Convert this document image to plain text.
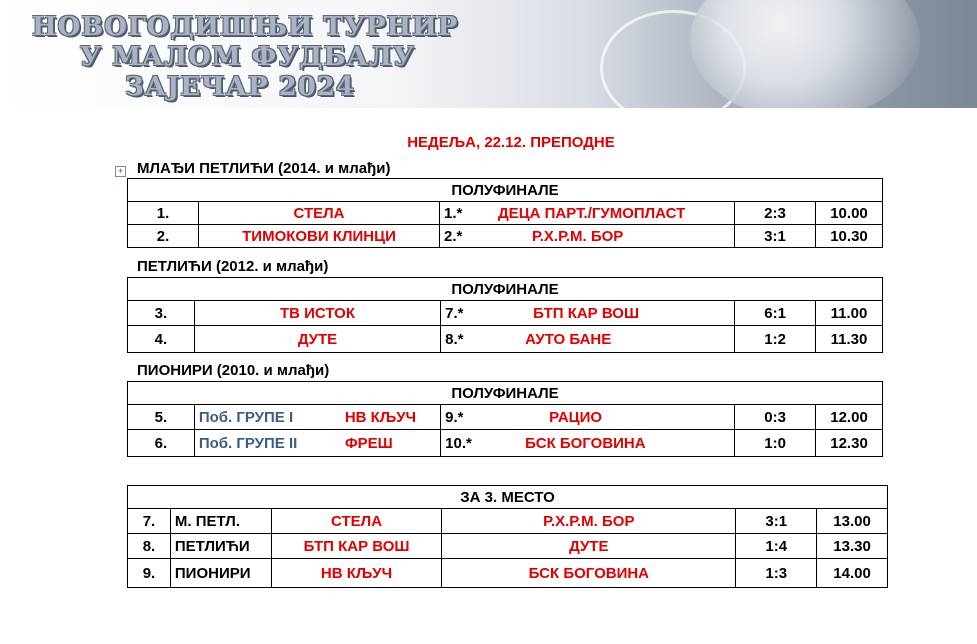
НОВОГОДИШЊИ ТУРНИР
У МАЛОМ ФУДБАЛУ
ЗАЈЕЧАР 2024
НЕДЕЉА, 22.12. ПРЕПОДНЕ
+ МЛАЂИ ПЕТЛИЋИ (2014. и млађи)
ПОЛУФИНАЛЕ				
1.	СТЕЛА	1.* ДЕЦА ПАРТ./ГУМОПЛАСТ	2:3	10.00
2.	ТИМОКОВИ КЛИНЦИ	2.* Р.Х.Р.М. БОР	3:1	10.30
ПЕТЛИЋИ (2012. и млађи)
ПОЛУФИНАЛЕ				
3.	ТВ ИСТОК	7.* БТП КАР ВОШ	6:1	11.00
4.	ДУТЕ	8.* АУТО БАНЕ	1:2	11.30
ПИОНИРИ (2010. и млађи)
ПОЛУФИНАЛЕ				
5.	Поб. ГРУПЕ I НВ КЉУЧ	9.* РАЦИО	0:3	12.00
6.	Поб. ГРУПЕ II ФРЕШ	10.* БСК БОГОВИНА	1:0	12.30
ЗА 3. МЕСТО					
7.	М. ПЕТЛ.	СТЕЛА	Р.Х.Р.М. БОР	3:1	13.00
8.	ПЕТЛИЋИ	БТП КАР ВОШ	ДУТЕ	1:4	13.30
9.	ПИОНИРИ	НВ КЉУЧ	БСК БОГОВИНА	1:3	14.00
